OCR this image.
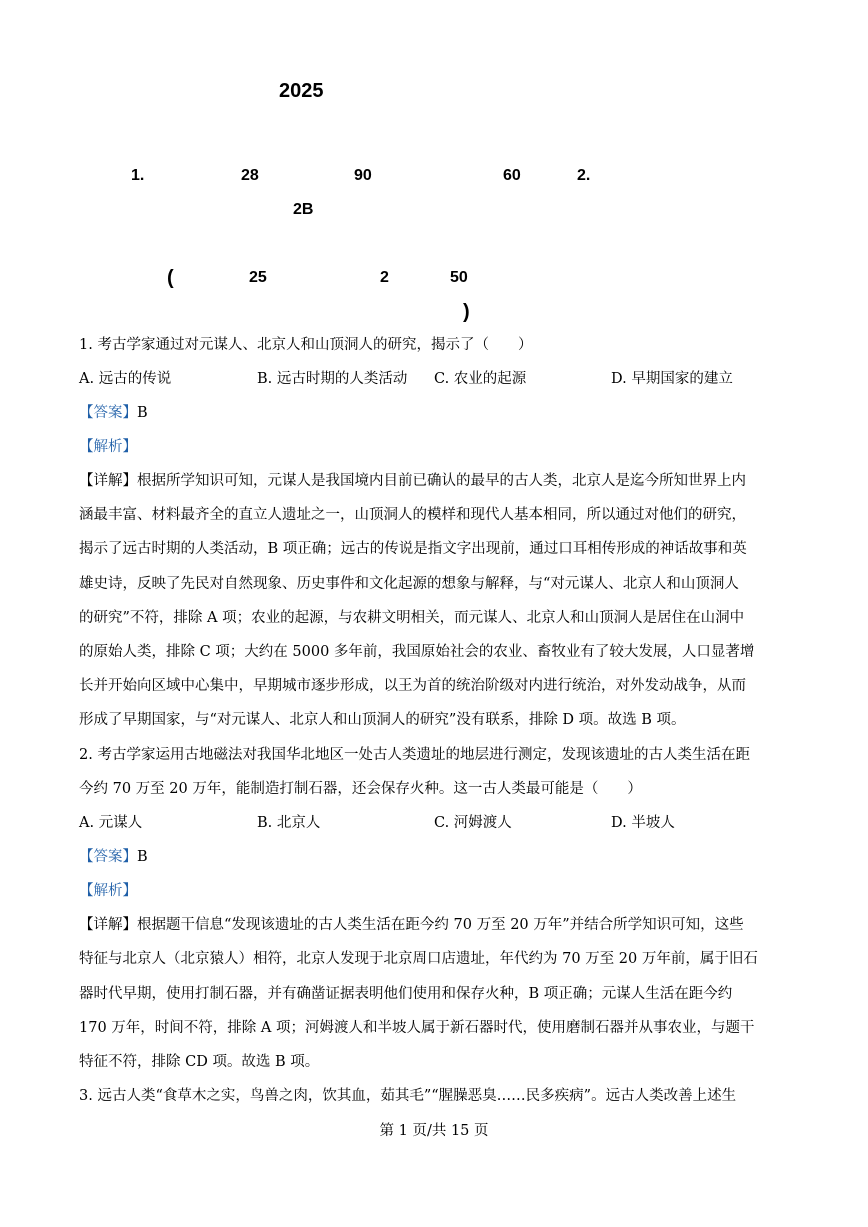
2025
1.	28	90	60	2.
2B
(	25	2	50
)
1. 考古学家通过对元谋人、北京人和山顶洞人的研究，揭示了（　　）
A. 远古的传说	B. 远古时期的人类活动 C. 农业的起源	D. 早期国家的建立
【答案】B
【解析】
【详解】根据所学知识可知，元谋人是我国境内目前已确认的最早的古人类，北京人是迄今所知世界上内
涵最丰富、材料最齐全的直立人遗址之一，山顶洞人的模样和现代人基本相同，所以通过对他们的研究，
揭示了远古时期的人类活动，B 项正确；远古的传说是指文字出现前，通过口耳相传形成的神话故事和英
雄史诗，反映了先民对自然现象、历史事件和文化起源的想象与解释，与“对元谋人、北京人和山顶洞人
的研究”不符，排除 A 项；农业的起源，与农耕文明相关，而元谋人、北京人和山顶洞人是居住在山洞中
的原始人类，排除 C 项；大约在 5000 多年前，我国原始社会的农业、畜牧业有了较大发展，人口显著增
长并开始向区域中心集中，早期城市逐步形成，以王为首的统治阶级对内进行统治，对外发动战争，从而
形成了早期国家，与“对元谋人、北京人和山顶洞人的研究”没有联系，排除 D 项。故选 B 项。
2. 考古学家运用古地磁法对我国华北地区一处古人类遗址的地层进行测定，发现该遗址的古人类生活在距
今约 70 万至 20 万年，能制造打制石器，还会保存火种。这一古人类最可能是（　　）
A. 元谋人	B. 北京人	C. 河姆渡人	D. 半坡人
【答案】B
【解析】
【详解】根据题干信息“发现该遗址的古人类生活在距今约 70 万至 20 万年”并结合所学知识可知，这些
特征与北京人（北京猿人）相符，北京人发现于北京周口店遗址，年代约为 70 万至 20 万年前，属于旧石
器时代早期，使用打制石器，并有确凿证据表明他们使用和保存火种，B 项正确；元谋人生活在距今约
170 万年，时间不符，排除 A 项；河姆渡人和半坡人属于新石器时代，使用磨制石器并从事农业，与题干
特征不符，排除 CD 项。故选 B 项。
3. 远古人类“食草木之实，鸟兽之肉，饮其血，茹其毛”“腥臊恶臭……民多疾病”。远古人类改善上述生
第 1 页/共 15 页
